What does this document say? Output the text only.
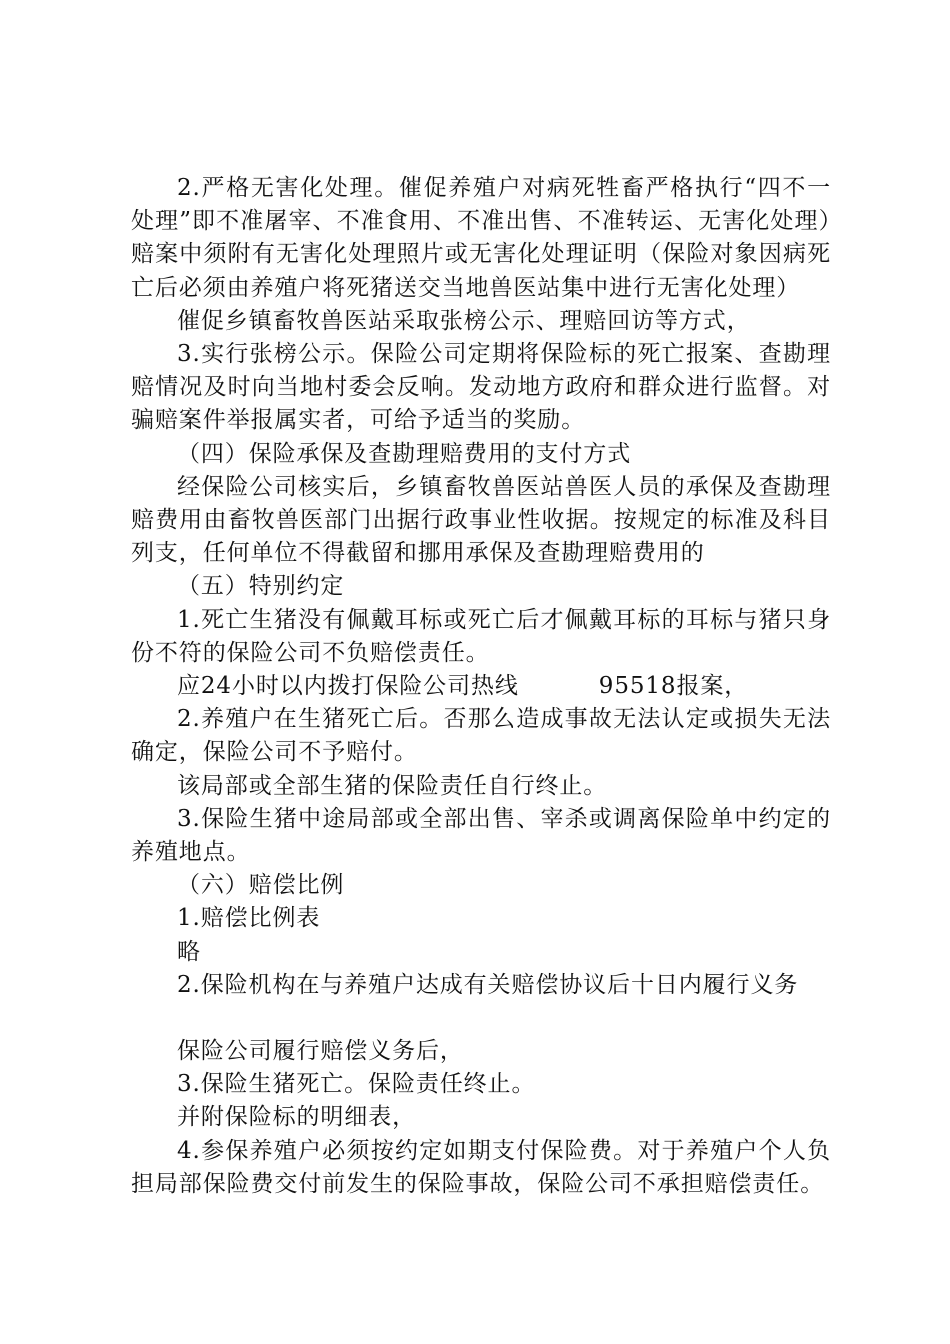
2.严格无害化处理。催促养殖户对病死牲畜严格执行“四不一处理”即不准屠宰、不准食用、不准出售、不准转运、无害化处理）赔案中须附有无害化处理照片或无害化处理证明（保险对象因病死亡后必须由养殖户将死猪送交当地兽医站集中进行无害化处理）

催促乡镇畜牧兽医站采取张榜公示、理赔回访等方式，

3.实行张榜公示。保险公司定期将保险标的死亡报案、查勘理赔情况及时向当地村委会反响。发动地方政府和群众进行监督。对骗赔案件举报属实者，可给予适当的奖励。

（四）保险承保及查勘理赔费用的支付方式

经保险公司核实后，乡镇畜牧兽医站兽医人员的承保及查勘理赔费用由畜牧兽医部门出据行政事业性收据。按规定的标准及科目列支，任何单位不得截留和挪用承保及查勘理赔费用的

（五）特别约定

1.死亡生猪没有佩戴耳标或死亡后才佩戴耳标的耳标与猪只身份不符的保险公司不负赔偿责任。

应24小时以内拨打保险公司热线	95518报案，

2.养殖户在生猪死亡后。否那么造成事故无法认定或损失无法确定，保险公司不予赔付。

该局部或全部生猪的保险责任自行终止。

3.保险生猪中途局部或全部出售、宰杀或调离保险单中约定的养殖地点。

（六）赔偿比例

1.赔偿比例表

略

2.保险机构在与养殖户达成有关赔偿协议后十日内履行义务

保险公司履行赔偿义务后，

3.保险生猪死亡。保险责任终止。

并附保险标的明细表，

4.参保养殖户必须按约定如期支付保险费。对于养殖户个人负担局部保险费交付前发生的保险事故，保险公司不承担赔偿责任。
